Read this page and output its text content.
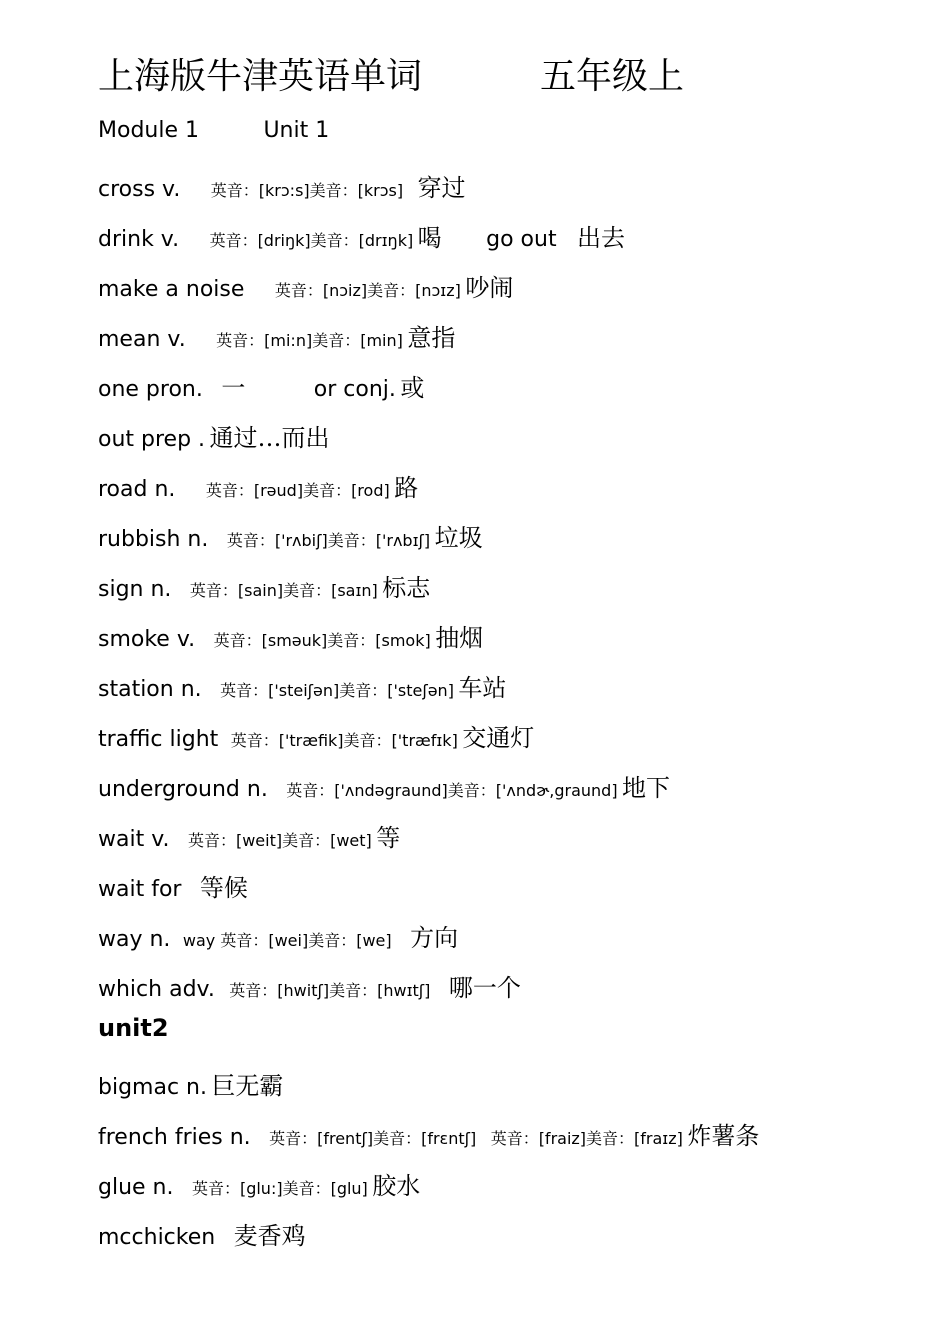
上海版牛津英语单词	五年级上
Module 1	Unit 1
cross v. 英音：[krɔ:s]美音：[krɔs] 穿过
drink v. 英音：[driŋk]美音：[drɪŋk] 喝 go out 出去
make a noise 英音：[nɔiz]美音：[nɔɪz] 吵闹
mean v. 英音：[mi:n]美音：[min] 意指
one pron. 一	or conj. 或
out prep . 通过…而出
road n. 英音：[rəud]美音：[rod] 路
rubbish n. 英音：['rʌbiʃ]美音：['rʌbɪʃ] 垃圾
sign n. 英音：[sain]美音：[saɪn] 标志
smoke v. 英音：[sməuk]美音：[smok] 抽烟
station n. 英音：['steiʃən]美音：['steʃən] 车站
traffic light 英音：['træfik]美音：['træfɪk] 交通灯
underground n. 英音：['ʌndəgraund]美音：['ʌndɚ,graund] 地下
wait v. 英音：[weit]美音：[wet] 等
wait for 等候
way n. way 英音：[wei]美音：[we] 方向
which adv. 英音：[hwitʃ]美音：[hwɪtʃ] 哪一个
unit2
bigmac n. 巨无霸
french fries n. 英音：[frentʃ]美音：[frɛntʃ] 英音：[fraiz]美音：[fraɪz] 炸薯条
glue n. 英音：[glu:]美音：[glu] 胶水
mcchicken 麦香鸡
